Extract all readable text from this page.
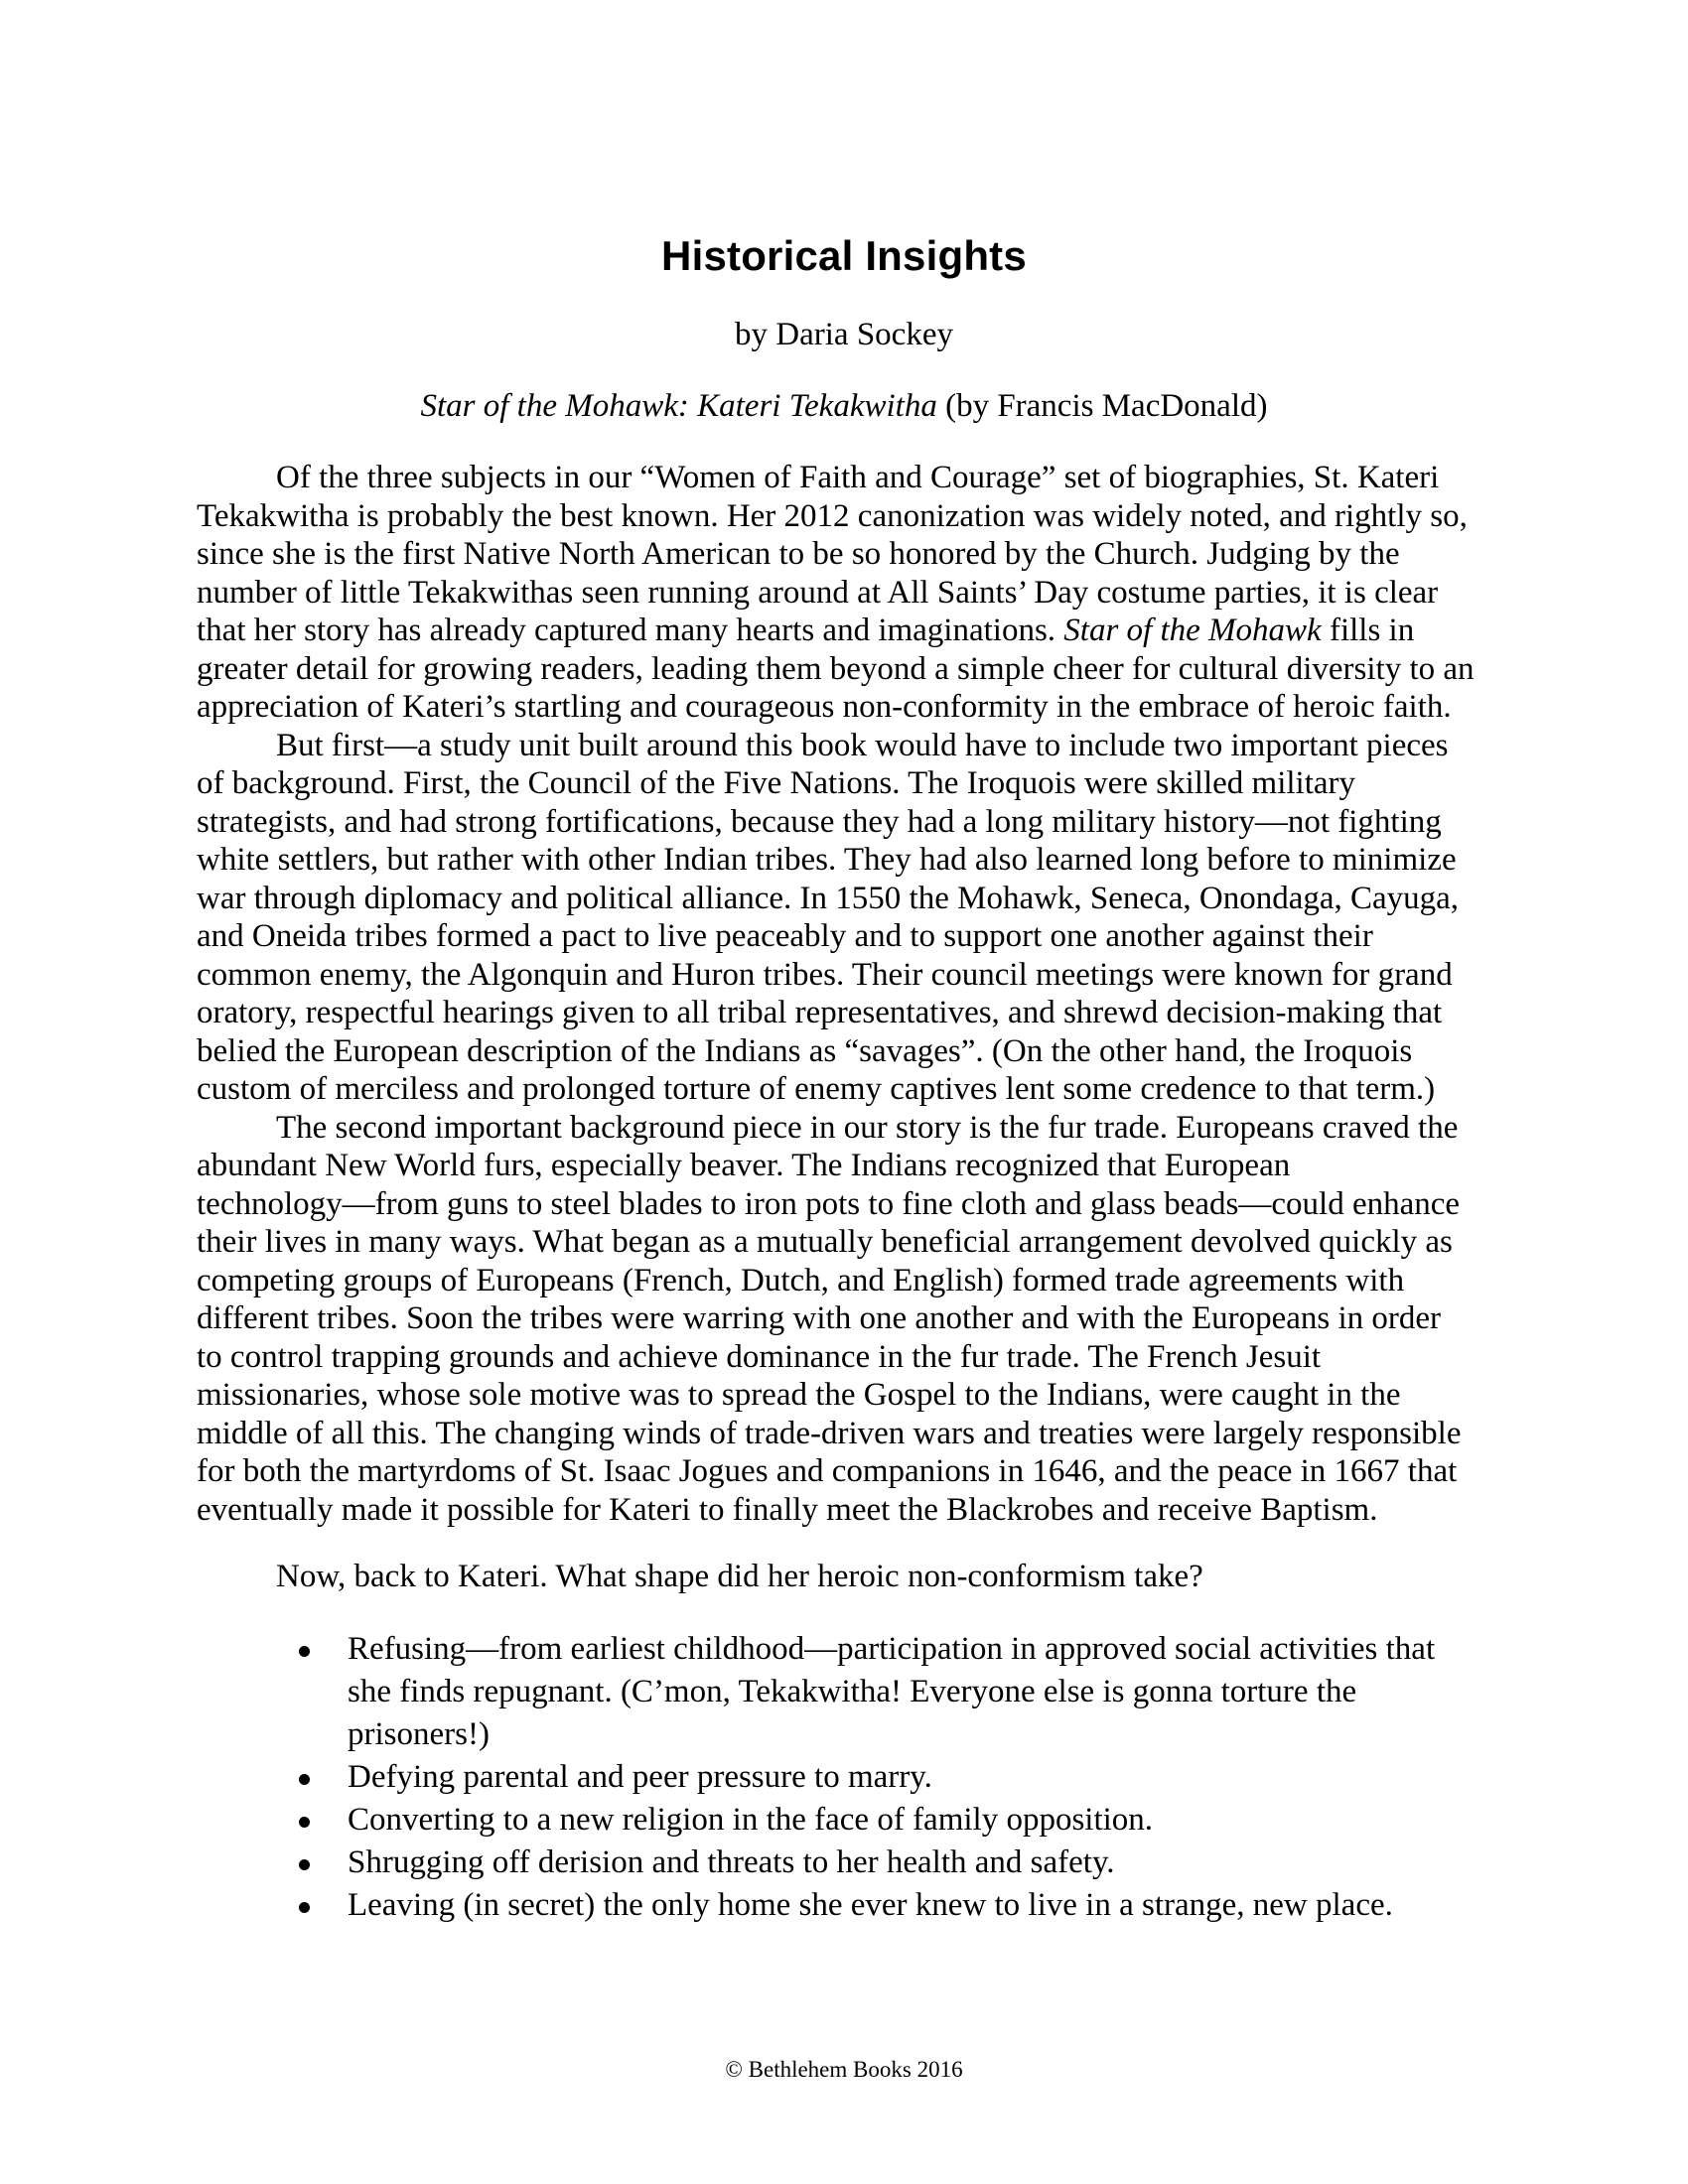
Historical Insights
by Daria Sockey
Star of the Mohawk: Kateri Tekakwitha (by Francis MacDonald)
Of the three subjects in our “Women of Faith and Courage” set of biographies, St. Kateri
Tekakwitha is probably the best known. Her 2012 canonization was widely noted, and rightly so,
since she is the first Native North American to be so honored by the Church. Judging by the
number of little Tekakwithas seen running around at All Saints’ Day costume parties, it is clear
that her story has already captured many hearts and imaginations. Star of the Mohawk fills in
greater detail for growing readers, leading them beyond a simple cheer for cultural diversity to an
appreciation of Kateri’s startling and courageous non-conformity in the embrace of heroic faith.
But first—a study unit built around this book would have to include two important pieces
of background. First, the Council of the Five Nations. The Iroquois were skilled military
strategists, and had strong fortifications, because they had a long military history—not fighting
white settlers, but rather with other Indian tribes. They had also learned long before to minimize
war through diplomacy and political alliance. In 1550 the Mohawk, Seneca, Onondaga, Cayuga,
and Oneida tribes formed a pact to live peaceably and to support one another against their
common enemy, the Algonquin and Huron tribes. Their council meetings were known for grand
oratory, respectful hearings given to all tribal representatives, and shrewd decision-making that
belied the European description of the Indians as “savages”. (On the other hand, the Iroquois
custom of merciless and prolonged torture of enemy captives lent some credence to that term.)
The second important background piece in our story is the fur trade. Europeans craved the
abundant New World furs, especially beaver. The Indians recognized that European
technology—from guns to steel blades to iron pots to fine cloth and glass beads—could enhance
their lives in many ways. What began as a mutually beneficial arrangement devolved quickly as
competing groups of Europeans (French, Dutch, and English) formed trade agreements with
different tribes. Soon the tribes were warring with one another and with the Europeans in order
to control trapping grounds and achieve dominance in the fur trade. The French Jesuit
missionaries, whose sole motive was to spread the Gospel to the Indians, were caught in the
middle of all this. The changing winds of trade-driven wars and treaties were largely responsible
for both the martyrdoms of St. Isaac Jogues and companions in 1646, and the peace in 1667 that
eventually made it possible for Kateri to finally meet the Blackrobes and receive Baptism.
Now, back to Kateri. What shape did her heroic non-conformism take?
Refusing—from earliest childhood—participation in approved social activities that
she finds repugnant. (C’mon, Tekakwitha! Everyone else is gonna torture the
prisoners!)
Defying parental and peer pressure to marry.
Converting to a new religion in the face of family opposition.
Shrugging off derision and threats to her health and safety.
Leaving (in secret) the only home she ever knew to live in a strange, new place.
© Bethlehem Books 2016
